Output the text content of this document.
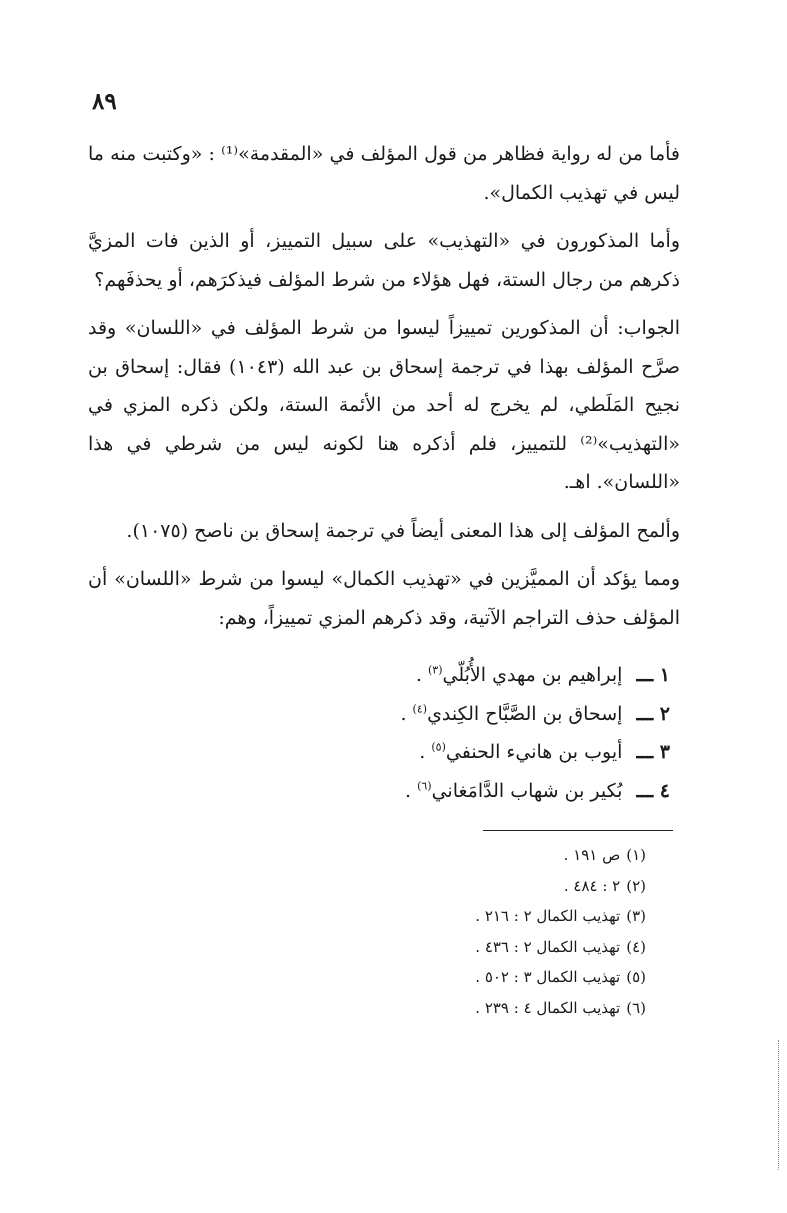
٨٩

فأما من له رواية فظاهر من قول المؤلف في «المقدمة»⁽¹⁾ : «وكتبت منه ما ليس في تهذيب الكمال».

وأما المذكورون في «التهذيب» على سبيل التمييز، أو الذين فات المزيَّ ذكرهم من رجال الستة، فهل هؤلاء من شرط المؤلف فيذكرَهم، أو يحذفَهم؟

الجواب: أن المذكورين تمييزاً ليسوا من شرط المؤلف في «اللسان» وقد صرَّح المؤلف بهذا في ترجمة إسحاق بن عبد الله (١٠٤٣) فقال: إسحاق بن نجيح المَلَطي، لم يخرج له أحد من الأئمة الستة، ولكن ذكره المزي في «التهذيب»⁽²⁾ للتمييز، فلم أذكره هنا لكونه ليس من شرطي في هذا «اللسان». اهـ.

وألمح المؤلف إلى هذا المعنى أيضاً في ترجمة إسحاق بن ناصح (١٠٧٥).

ومما يؤكد أن المميَّزين في «تهذيب الكمال» ليسوا من شرط «اللسان» أن المؤلف حذف التراجم الآتية، وقد ذكرهم المزي تمييزاً، وهم:

١ ـــ إبراهيم بن مهدي الأُبُلّي$^{(٣)}$ .
٢ ـــ إسحاق بن الصَّبَّاح الكِندي$^{(٤)}$ .
٣ ـــ أيوب بن هانيء الحنفي$^{(٥)}$ .
٤ ـــ بُكير بن شهاب الدَّامَغاني$^{(٦)}$ .
(١)ص ١٩١ .
(٢)٢ : ٤٨٤ .
(٣)تهذيب الكمال ٢ : ٢١٦ .
(٤)تهذيب الكمال ٢ : ٤٣٦ .
(٥)تهذيب الكمال ٣ : ٥٠٢ .
(٦)تهذيب الكمال ٤ : ٢٣٩ .
